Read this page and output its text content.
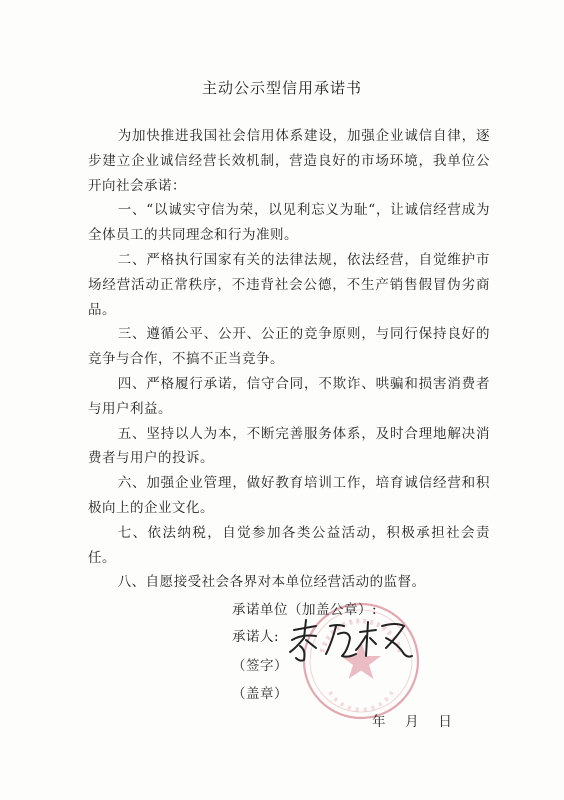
主动公示型信用承诺书

为加快推进我国社会信用体系建设，加强企业诚信自律，逐步建立企业诚信经营长效机制，营造良好的市场环境，我单位公开向社会承诺：

一、“以诚实守信为荣，以见利忘义为耻“，让诚信经营成为全体员工的共同理念和行为准则。

二、严格执行国家有关的法律法规，依法经营，自觉维护市场经营活动正常秩序，不违背社会公德，不生产销售假冒伪劣商品。

三、遵循公平、公开、公正的竞争原则，与同行保持良好的竞争与合作，不搞不正当竞争。

四、严格履行承诺，信守合同，不欺诈、哄骗和损害消费者与用户利益。

五、坚持以人为本，不断完善服务体系，及时合理地解决消费者与用户的投诉。

六、加强企业管理，做好教育培训工作，培育诚信经营和积极向上的企业文化。

七、依法纳税，自觉参加各类公益活动，积极承担社会责任。

八、自愿接受社会各界对本单位经营活动的监督。

承诺单位（加盖公章）:
承诺人:
（签字）
（盖章）
年    月    日
